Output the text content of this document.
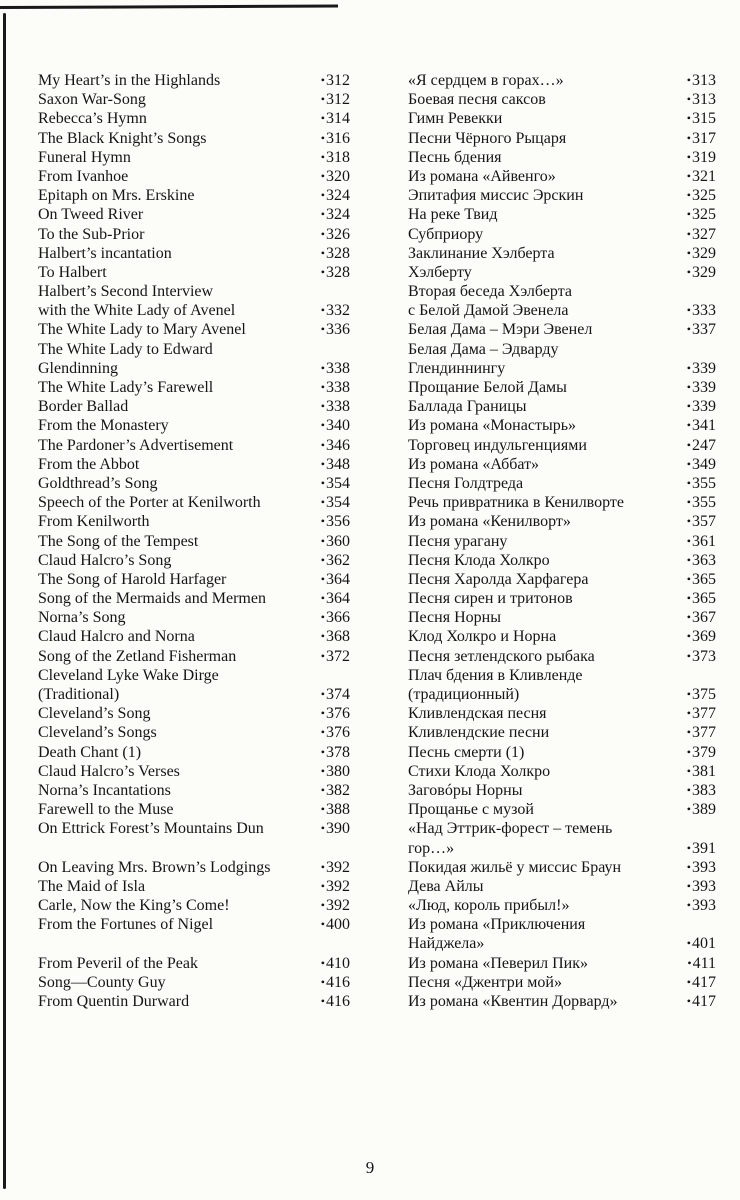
My Heart’s in the Highlands	• 312
Saxon War-Song	• 312
Rebecca’s Hymn	• 314
The Black Knight’s Songs	• 316
Funeral Hymn	• 318
From Ivanhoe	• 320
Epitaph on Mrs. Erskine	• 324
On Tweed River	• 324
To the Sub-Prior	• 326
Halbert’s incantation	• 328
To Halbert	• 328
Halbert’s Second Interview
with the White Lady of Avenel	• 332
The White Lady to Mary Avenel	• 336
The White Lady to Edward
Glendinning	• 338
The White Lady’s Farewell	• 338
Border Ballad	• 338
From the Monastery	• 340
The Pardoner’s Advertisement	• 346
From the Abbot	• 348
Goldthread’s Song	• 354
Speech of the Porter at Kenilworth	• 354
From Kenilworth	• 356
The Song of the Tempest	• 360
Claud Halcro’s Song	• 362
The Song of Harold Harfager	• 364
Song of the Mermaids and Mermen	• 364
Norna’s Song	• 366
Claud Halcro and Norna	• 368
Song of the Zetland Fisherman	• 372
Cleveland Lyke Wake Dirge
(Traditional)	• 374
Cleveland’s Song	• 376
Cleveland’s Songs	• 376
Death Chant (1)	• 378
Claud Halcro’s Verses	• 380
Norna’s Incantations	• 382
Farewell to the Muse	• 388
On Ettrick Forest’s Mountains Dun	• 390
On Leaving Mrs. Brown’s Lodgings	• 392
The Maid of Isla	• 392
Carle, Now the King’s Come!	• 392
From the Fortunes of Nigel	• 400
From Peveril of the Peak	• 410
Song—County Guy	• 416
From Quentin Durward	• 416
«Я сердцем в горах…»	• 313
Боевая песня саксов	• 313
Гимн Ревекки	• 315
Песни Чёрного Рыцаря	• 317
Песнь бдения	• 319
Из романа «Айвенго»	• 321
Эпитафия миссис Эрскин	• 325
На реке Твид	• 325
Субприору	• 327
Заклинание Хэлберта	• 329
Хэлберту	• 329
Вторая беседа Хэлберта
с Белой Дамой Эвенела	• 333
Белая Дама – Мэри Эвенел	• 337
Белая Дама – Эдварду
Глендиннингу	• 339
Прощание Белой Дамы	• 339
Баллада Границы	• 339
Из романа «Монастырь»	• 341
Торговец индульгенциями	• 247
Из романа «Аббат»	• 349
Песня Голдтреда	• 355
Речь привратника в Кенилворте	• 355
Из романа «Кенилворт»	• 357
Песня урагану	• 361
Песня Клода Холкро	• 363
Песня Харолда Харфагера	• 365
Песня сирен и тритонов	• 365
Песня Норны	• 367
Клод Холкро и Норна	• 369
Песня зетлендского рыбака	• 373
Плач бдения в Кливленде
(традиционный)	• 375
Кливлендская песня	• 377
Кливлендские песни	• 377
Песнь смерти (1)	• 379
Стихи Клода Холкро	• 381
Заговóры Норны	• 383
Прощанье с музой	• 389
«Над Эттрик-форест – темень
гор…»	• 391
Покидая жильё у миссис Браун	• 393
Дева Айлы	• 393
«Люд, король прибыл!»	• 393
Из романа «Приключения
Найджела»	• 401
Из романа «Певерил Пик»	• 411
Песня «Джентри мой»	• 417
Из романа «Квентин Дорвард»	• 417
9
